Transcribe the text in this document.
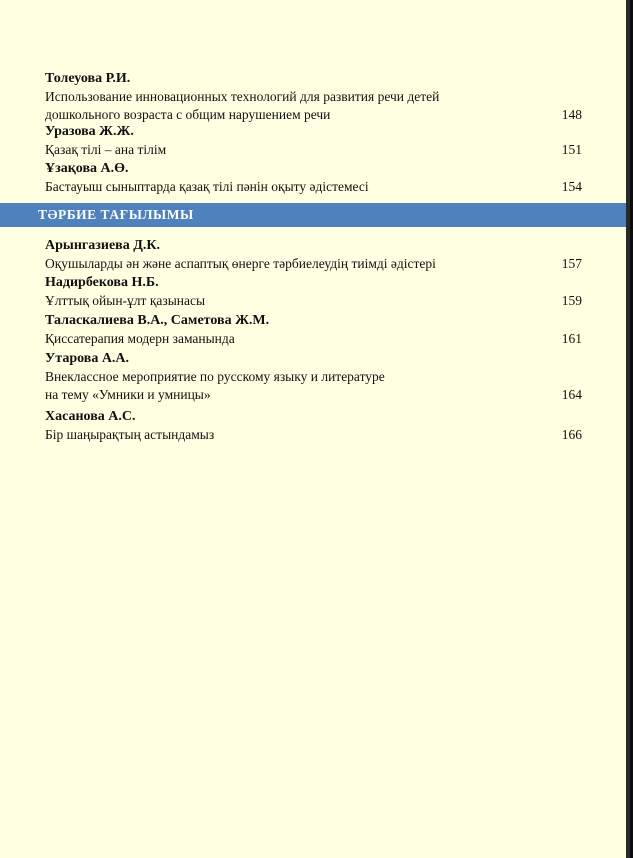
Толеуова Р.И.
Использование инновационных технологий для развития речи детей
дошкольного возраста с общим нарушением речи	148
Уразова Ж.Ж.
Қазақ тілі – ана тілім	151
Ұзақова А.Ө.
Бастауыш сыныптарда қазақ тілі пәнін оқыту әдістемесі	154
ТӘРБИЕ ТАҒЫЛЫМЫ
Арынгазиева Д.К.
Оқушыларды ән және аспаптық өнерге тәрбиелеудің тиімді әдістері	157
Надирбекова Н.Б.
Ұлттық ойын-ұлт қазынасы	159
Таласкалиева В.А., Саметова Ж.М.
Қиссатерапия модерн заманында	161
Утарова А.А.
Внеклассное мероприятие по русскому языку и литературе
на тему «Умники и умницы»	164
Хасанова А.С.
Бір шаңырақтың астындамыз	166
